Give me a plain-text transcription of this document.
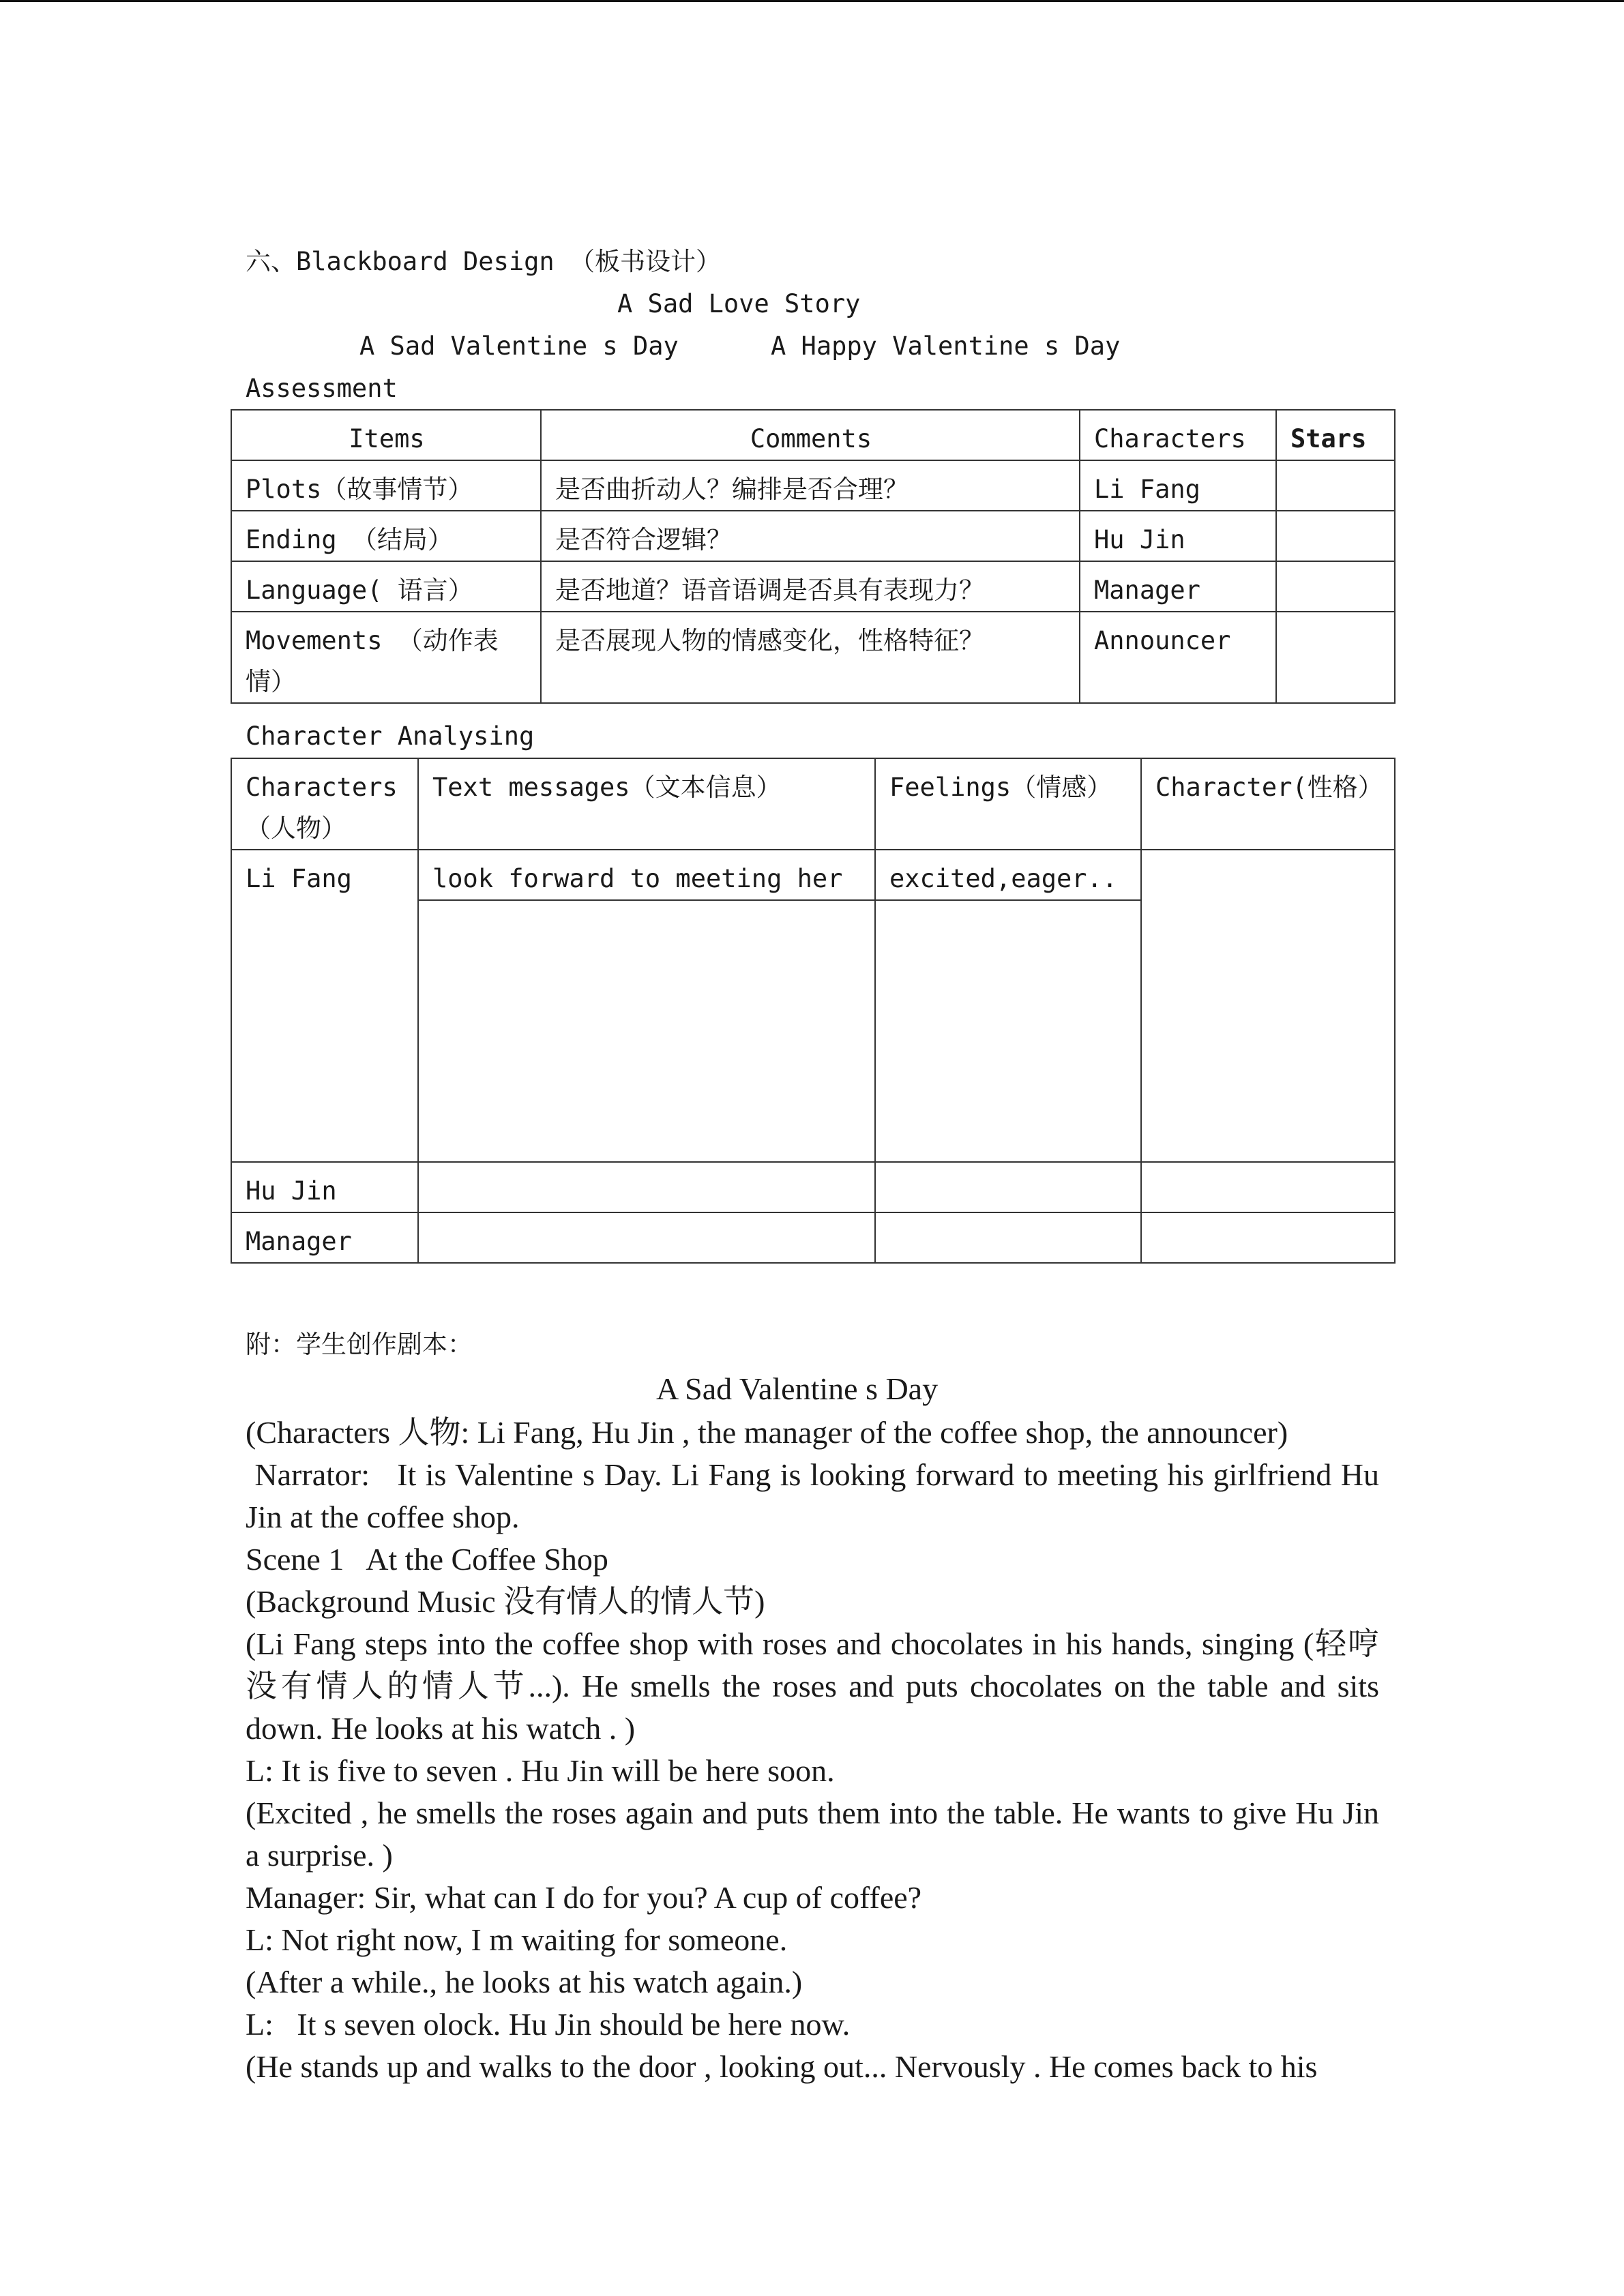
六、Blackboard Design （板书设计）
A Sad Love Story
A Sad Valentine s Day	A Happy Valentine s Day
Assessment
Items	Comments	Characters	Stars
Plots（故事情节）	是否曲折动人？编排是否合理？	Li Fang	
Ending （结局）	是否符合逻辑？	Hu Jin	
Language( 语言）	是否地道？语音语调是否具有表现力？	Manager	
Movements （动作表情）	是否展现人物的情感变化，性格特征？	Announcer	
Character Analysing
Characters（人物）	Text messages（文本信息）	Feelings（情感）	Character(性格）
Li Fang	look forward to meeting her	excited,eager..	

Hu Jin			
Manager			
附：学生创作剧本：
A Sad Valentine s Day

(Characters 人物: Li Fang, Hu Jin , the manager of the coffee shop, the announcer)

Narrator:   It is Valentine s Day. Li Fang is looking forward to meeting his girlfriend Hu Jin at the coffee shop.

Scene 1   At the Coffee Shop

(Background Music 没有情人的情人节)

(Li Fang steps into the coffee shop with roses and chocolates in his hands, singing (轻哼没有情人的情人节...). He smells the roses and puts chocolates on the table and sits down. He looks at his watch . )

L: It is five to seven . Hu Jin will be here soon.

(Excited , he smells the roses again and puts them into the table. He wants to give Hu Jin a surprise. )

Manager: Sir, what can I do for you? A cup of coffee?

L: Not right now, I m waiting for someone.

(After a while., he looks at his watch again.)

L:   It s seven olock. Hu Jin should be here now.

(He stands up and walks to the door , looking out... Nervously . He comes back to his
